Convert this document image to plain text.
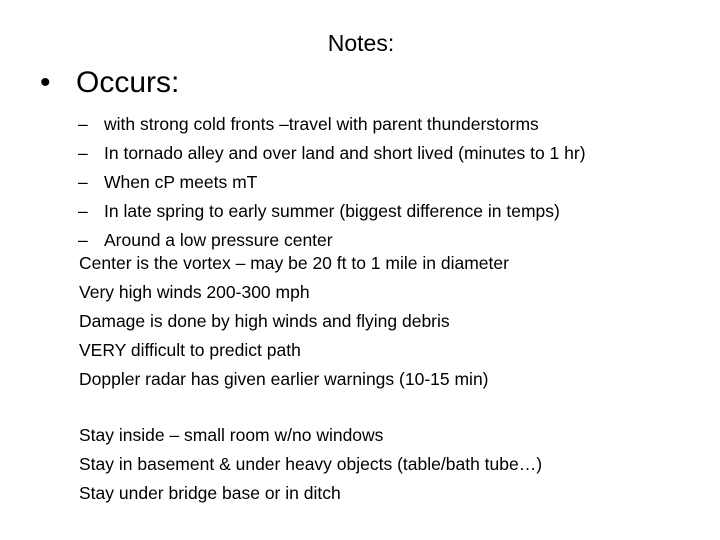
Notes:
• Occurs:
– with strong cold fronts –travel with parent thunderstorms
– In tornado alley and over land and short lived (minutes to 1 hr)
– When cP meets mT
– In late spring to early summer (biggest difference in temps)
– Around a low pressure center
Center is the vortex – may be 20 ft to 1 mile in diameter
Very high winds 200-300 mph
Damage is done by high winds and flying debris
VERY difficult to predict path
Doppler radar has given earlier warnings (10-15 min)
Stay inside – small room w/no windows
Stay in basement & under heavy objects (table/bath tube…)
Stay under bridge base or in ditch
